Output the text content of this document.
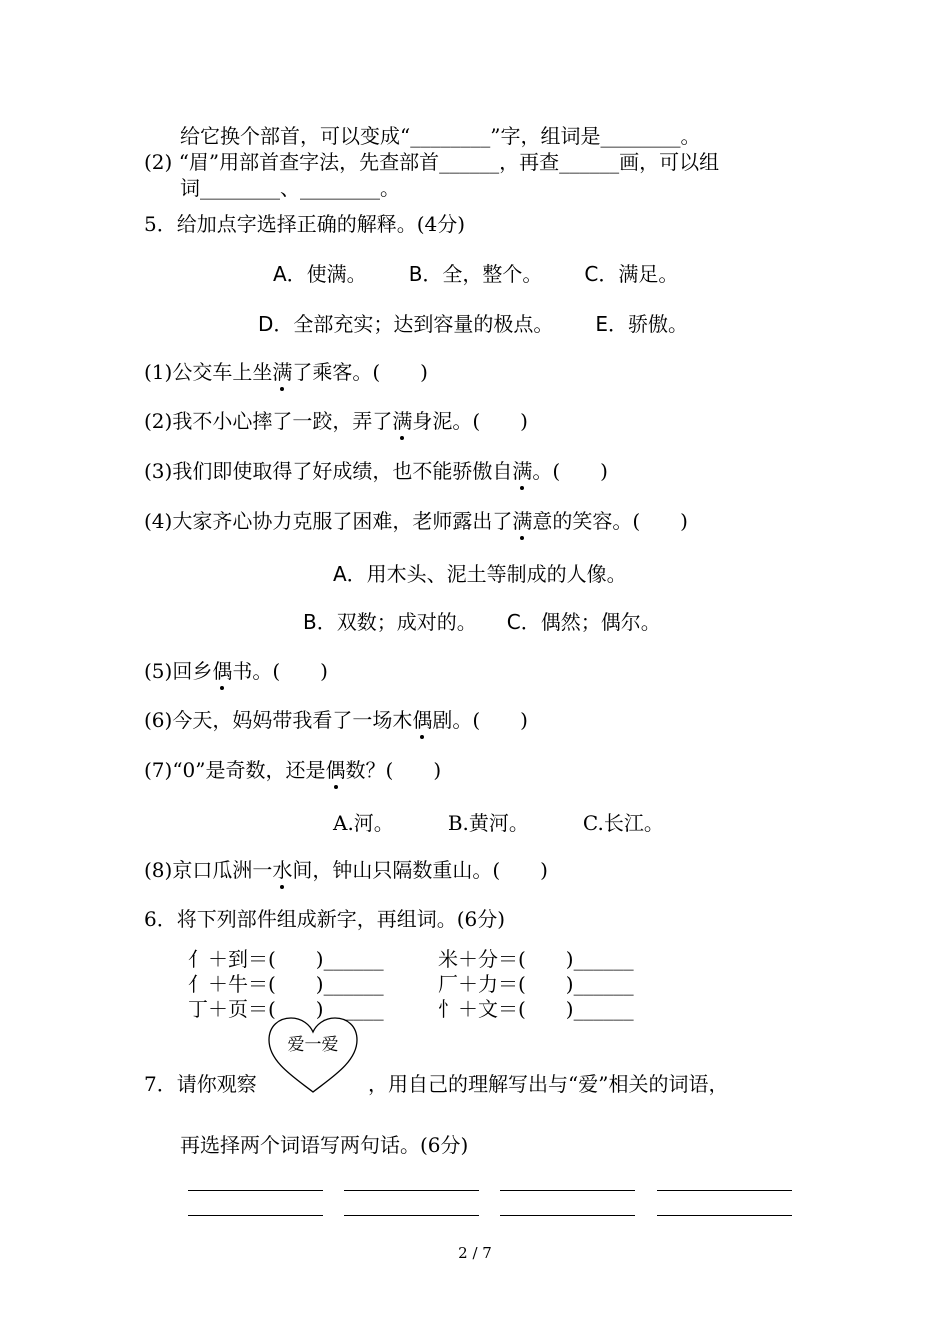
给它换个部首，可以变成“________”字，组词是________。
(2) “眉”用部首查字法，先查部首______，再查______画，可以组
词________、________。
5．给加点字选择正确的解释。(4分)
A．使满。 B．全，整个。 C．满足。
D．全部充实；达到容量的极点。 E．骄傲。
(1)公交车上坐满了乘客。(　　)
(2)我不小心摔了一跤，弄了满身泥。(　　)
(3)我们即使取得了好成绩，也不能骄傲自满。(　　)
(4)大家齐心协力克服了困难，老师露出了满意的笑容。(　　)
A．用木头、泥土等制成的人像。
B．双数；成对的。 C．偶然；偶尔。
(5)回乡偶书。(　　)
(6)今天，妈妈带我看了一场木偶剧。(　　)
(7)“0”是奇数，还是偶数？(　　)
A.河。	B.黄河。	C.长江。
(8)京口瓜洲一水间，钟山只隔数重山。(　　)
6．将下列部件组成新字，再组词。(6分)
亻＋到＝(　　)______	米＋分＝(　　)______
亻＋牛＝(　　)______	厂＋力＝(　　)______
丁＋页＝(　　)______	⺖＋文＝(　　)______
爱一爱
7．请你观察	，用自己的理解写出与“爱”相关的词语，
再选择两个词语写两句话。(6分)
2 / 7
